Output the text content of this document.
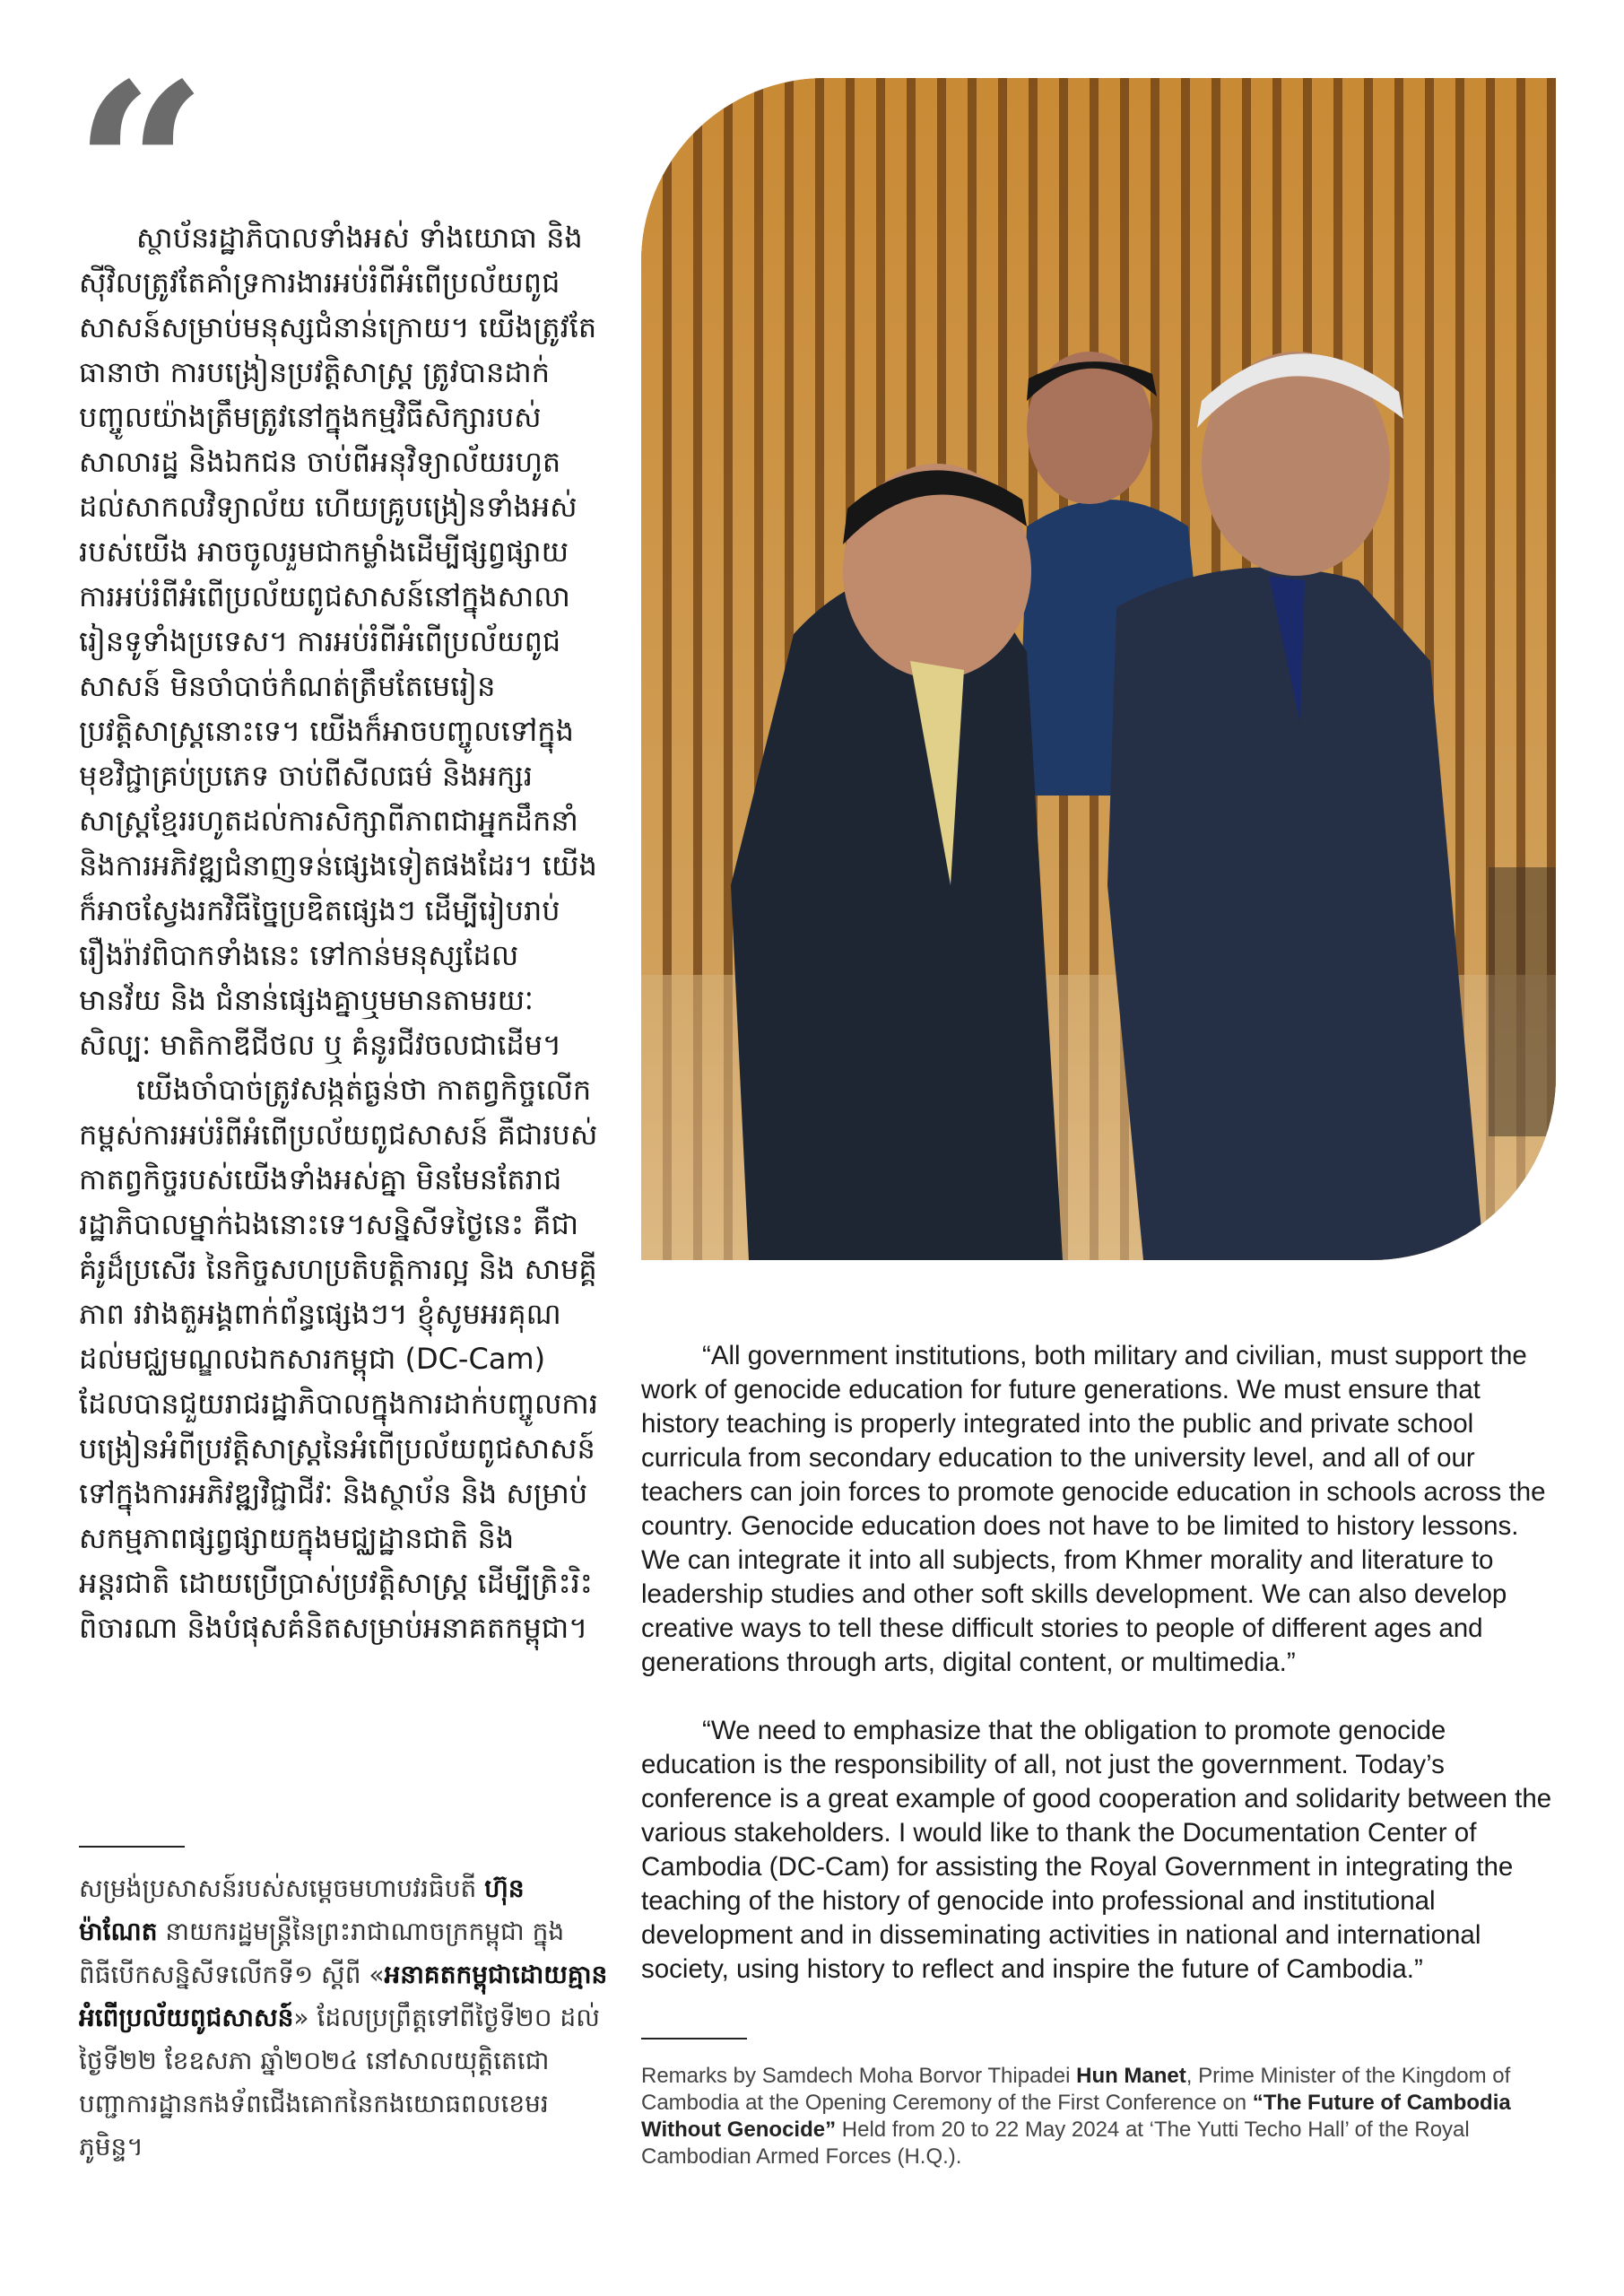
“

ស្ថាប័នរដ្ឋាភិបាលទាំងអស់ ទាំងយោធា និងស៊ីវិលត្រូវតែគាំទ្រការងារអប់រំពីអំពើប្រល័យពូជសាសន៍សម្រាប់មនុស្សជំនាន់ក្រោយ។ យើងត្រូវតែធានាថា ការបង្រៀនប្រវត្តិសាស្ត្រ ត្រូវបានដាក់បញ្ចូលយ៉ាងត្រឹមត្រូវនៅក្នុងកម្មវិធីសិក្សារបស់សាលារដ្ឋ និងឯកជន ចាប់ពីអនុវិទ្យាល័យរហូតដល់សាកលវិទ្យាល័យ ហើយគ្រូបង្រៀនទាំងអស់របស់យើង អាចចូលរួមជាកម្លាំងដើម្បីផ្សព្វផ្សាយការអប់រំពីអំពើប្រល័យពូជសាសន៍នៅក្នុងសាលារៀនទូទាំងប្រទេស។ ការអប់រំពីអំពើប្រល័យពូជសាសន៍ មិនចាំបាច់កំណត់ត្រឹមតែមេរៀនប្រវត្តិសាស្ត្រនោះទេ។ យើងក៏អាចបញ្ចូលទៅក្នុងមុខវិជ្ជាគ្រប់ប្រភេទ ចាប់ពីសីលធម៌ និងអក្សរសាស្ត្រខ្មែររហូតដល់ការសិក្សាពីភាពជាអ្នកដឹកនាំ និងការអភិវឌ្ឍជំនាញទន់ផ្សេងទៀតផងដែរ។ យើងក៏អាចស្វែងរកវិធីច្នៃប្រឌិតផ្សេងៗ ដើម្បីរៀបរាប់រឿងរ៉ាវពិបាកទាំងនេះ ទៅកាន់មនុស្សដែលមានវ័យ និង ជំនាន់ផ្សេងគ្នាឬមមានតាមរយៈសិល្បៈ មាតិកាឌីជីថល ឬ គំនូរជីវចលជាដើម។

យើងចាំបាច់ត្រូវសង្កត់ធ្ងន់ថា កាតព្វកិច្ចលើកកម្ពស់ការអប់រំពីអំពើប្រល័យពូជសាសន៍ គឺជារបស់កាតព្វកិច្ចរបស់យើងទាំងអស់គ្នា មិនមែនតែរាជរដ្ឋាភិបាលម្នាក់ឯងនោះទេ។សន្និសីទថ្ងៃនេះ គឺជាគំរូដ៏ប្រសើរ នៃកិច្ចសហប្រតិបត្តិការល្អ និង សាមគ្គីភាព រវាងតួអង្គពាក់ព័ន្ធផ្សេងៗ។ ខ្ញុំសូមអរគុណដល់មជ្ឈមណ្ឌលឯកសារកម្ពុជា (DC-Cam) ដែលបានជួយរាជរដ្ឋាភិបាលក្នុងការដាក់បញ្ចូលការបង្រៀនអំពីប្រវត្តិសាស្ត្រនៃអំពើប្រល័យពូជសាសន៍ ទៅក្នុងការអភិវឌ្ឍវិជ្ជាជីវៈ និងស្ថាប័ន និង សម្រាប់សកម្មភាពផ្សព្វផ្សាយក្នុងមជ្ឈដ្ឋានជាតិ និង អន្តរជាតិ ដោយប្រើប្រាស់ប្រវត្តិសាស្ត្រ ដើម្បីត្រិះរិះពិចារណា និងបំផុសគំនិតសម្រាប់អនាគតកម្ពុជា។

សម្រង់ប្រសាសន៍របស់សម្តេចមហាបវរធិបតី ហ៊ុន ម៉ាណែត នាយករដ្ឋមន្ត្រីនៃព្រះរាជាណាចក្រកម្ពុជា ក្នុងពិធីបើកសន្និសីទលើកទី១ ស្តីពី «អនាគតកម្ពុជាដោយគ្មានអំពើប្រល័យពូជសាសន៍» ដែលប្រព្រឹត្តទៅពីថ្ងៃទី២០ ដល់ថ្ងៃទី២២ ខែឧសភា ឆ្នាំ២០២៤ នៅសាលយុត្តិតេជោ បញ្ជាការដ្ឋានកងទ័ពជើងគោកនៃកងយោធពលខេមរភូមិន្ទ។

“All government institutions, both military and civilian, must support the work of genocide education for future generations. We must ensure that history teaching is properly integrated into the public and private school curricula from secondary education to the university level, and all of our teachers can join forces to promote genocide education in schools across the country. Genocide education does not have to be limited to history lessons. We can integrate it into all subjects, from Khmer morality and literature to leadership studies and other soft skills development. We can also develop creative ways to tell these difficult stories to people of different ages and generations through arts, digital content, or multimedia.”

“We need to emphasize that the obligation to promote genocide education is the responsibility of all, not just the government. Today’s conference is a great example of good cooperation and solidarity between the various stakeholders. I would like to thank the Documentation Center of Cambodia (DC-Cam) for assisting the Royal Government in integrating the teaching of the history of genocide into professional and institutional development and in disseminating activities in national and international society, using history to reflect and inspire the future of Cambodia.”

Remarks by Samdech Moha Borvor Thipadei Hun Manet, Prime Minister of the Kingdom of Cambodia at the Opening Ceremony of the First Conference on “The Future of Cambodia Without Genocide” Held from 20 to 22 May 2024 at ‘The Yutti Techo Hall’ of the Royal Cambodian Armed Forces (H.Q.).
